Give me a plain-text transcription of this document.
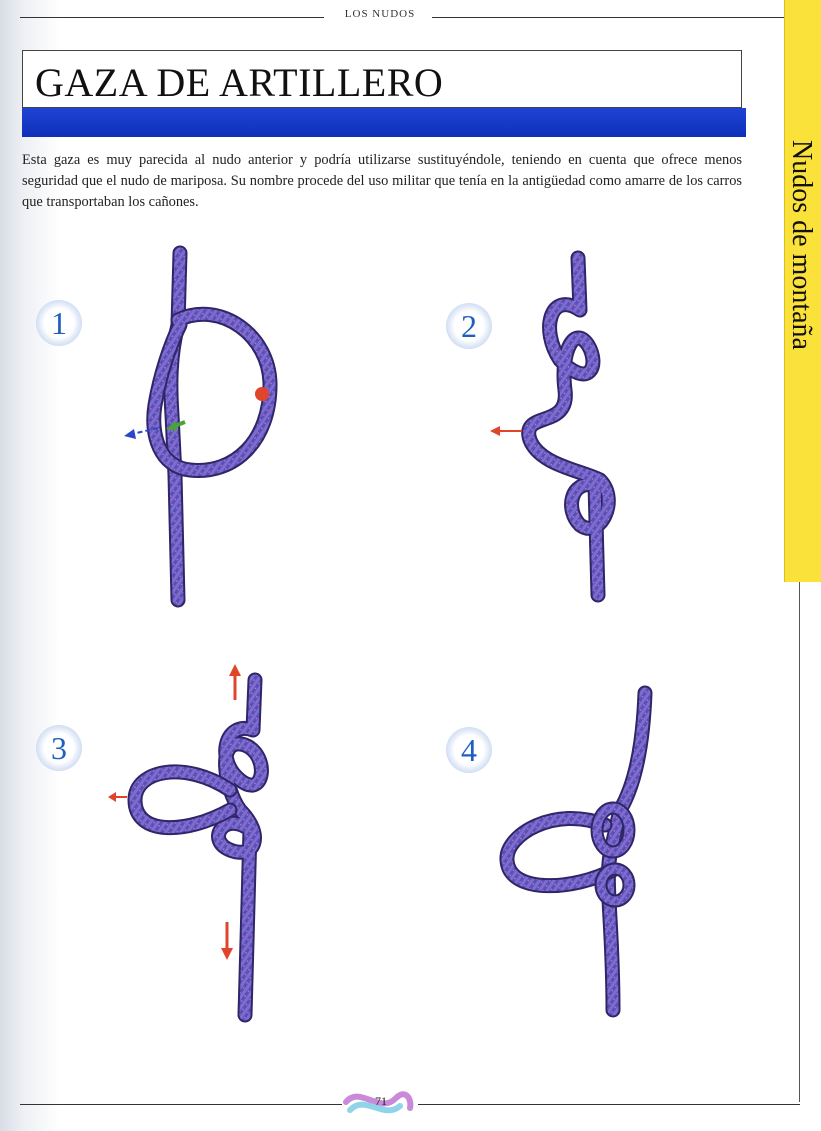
LOS NUDOS
Nudos de montaña
GAZA DE ARTILLERO
Esta gaza es muy parecida al nudo anterior y podría utilizarse sustituyéndole, teniendo en cuenta que ofrece menos seguridad que el nudo de mariposa. Su nombre procede del uso militar que tenía en la antigüedad como amarre de los carros que transportaban los cañones.
1	2
3	4
71
